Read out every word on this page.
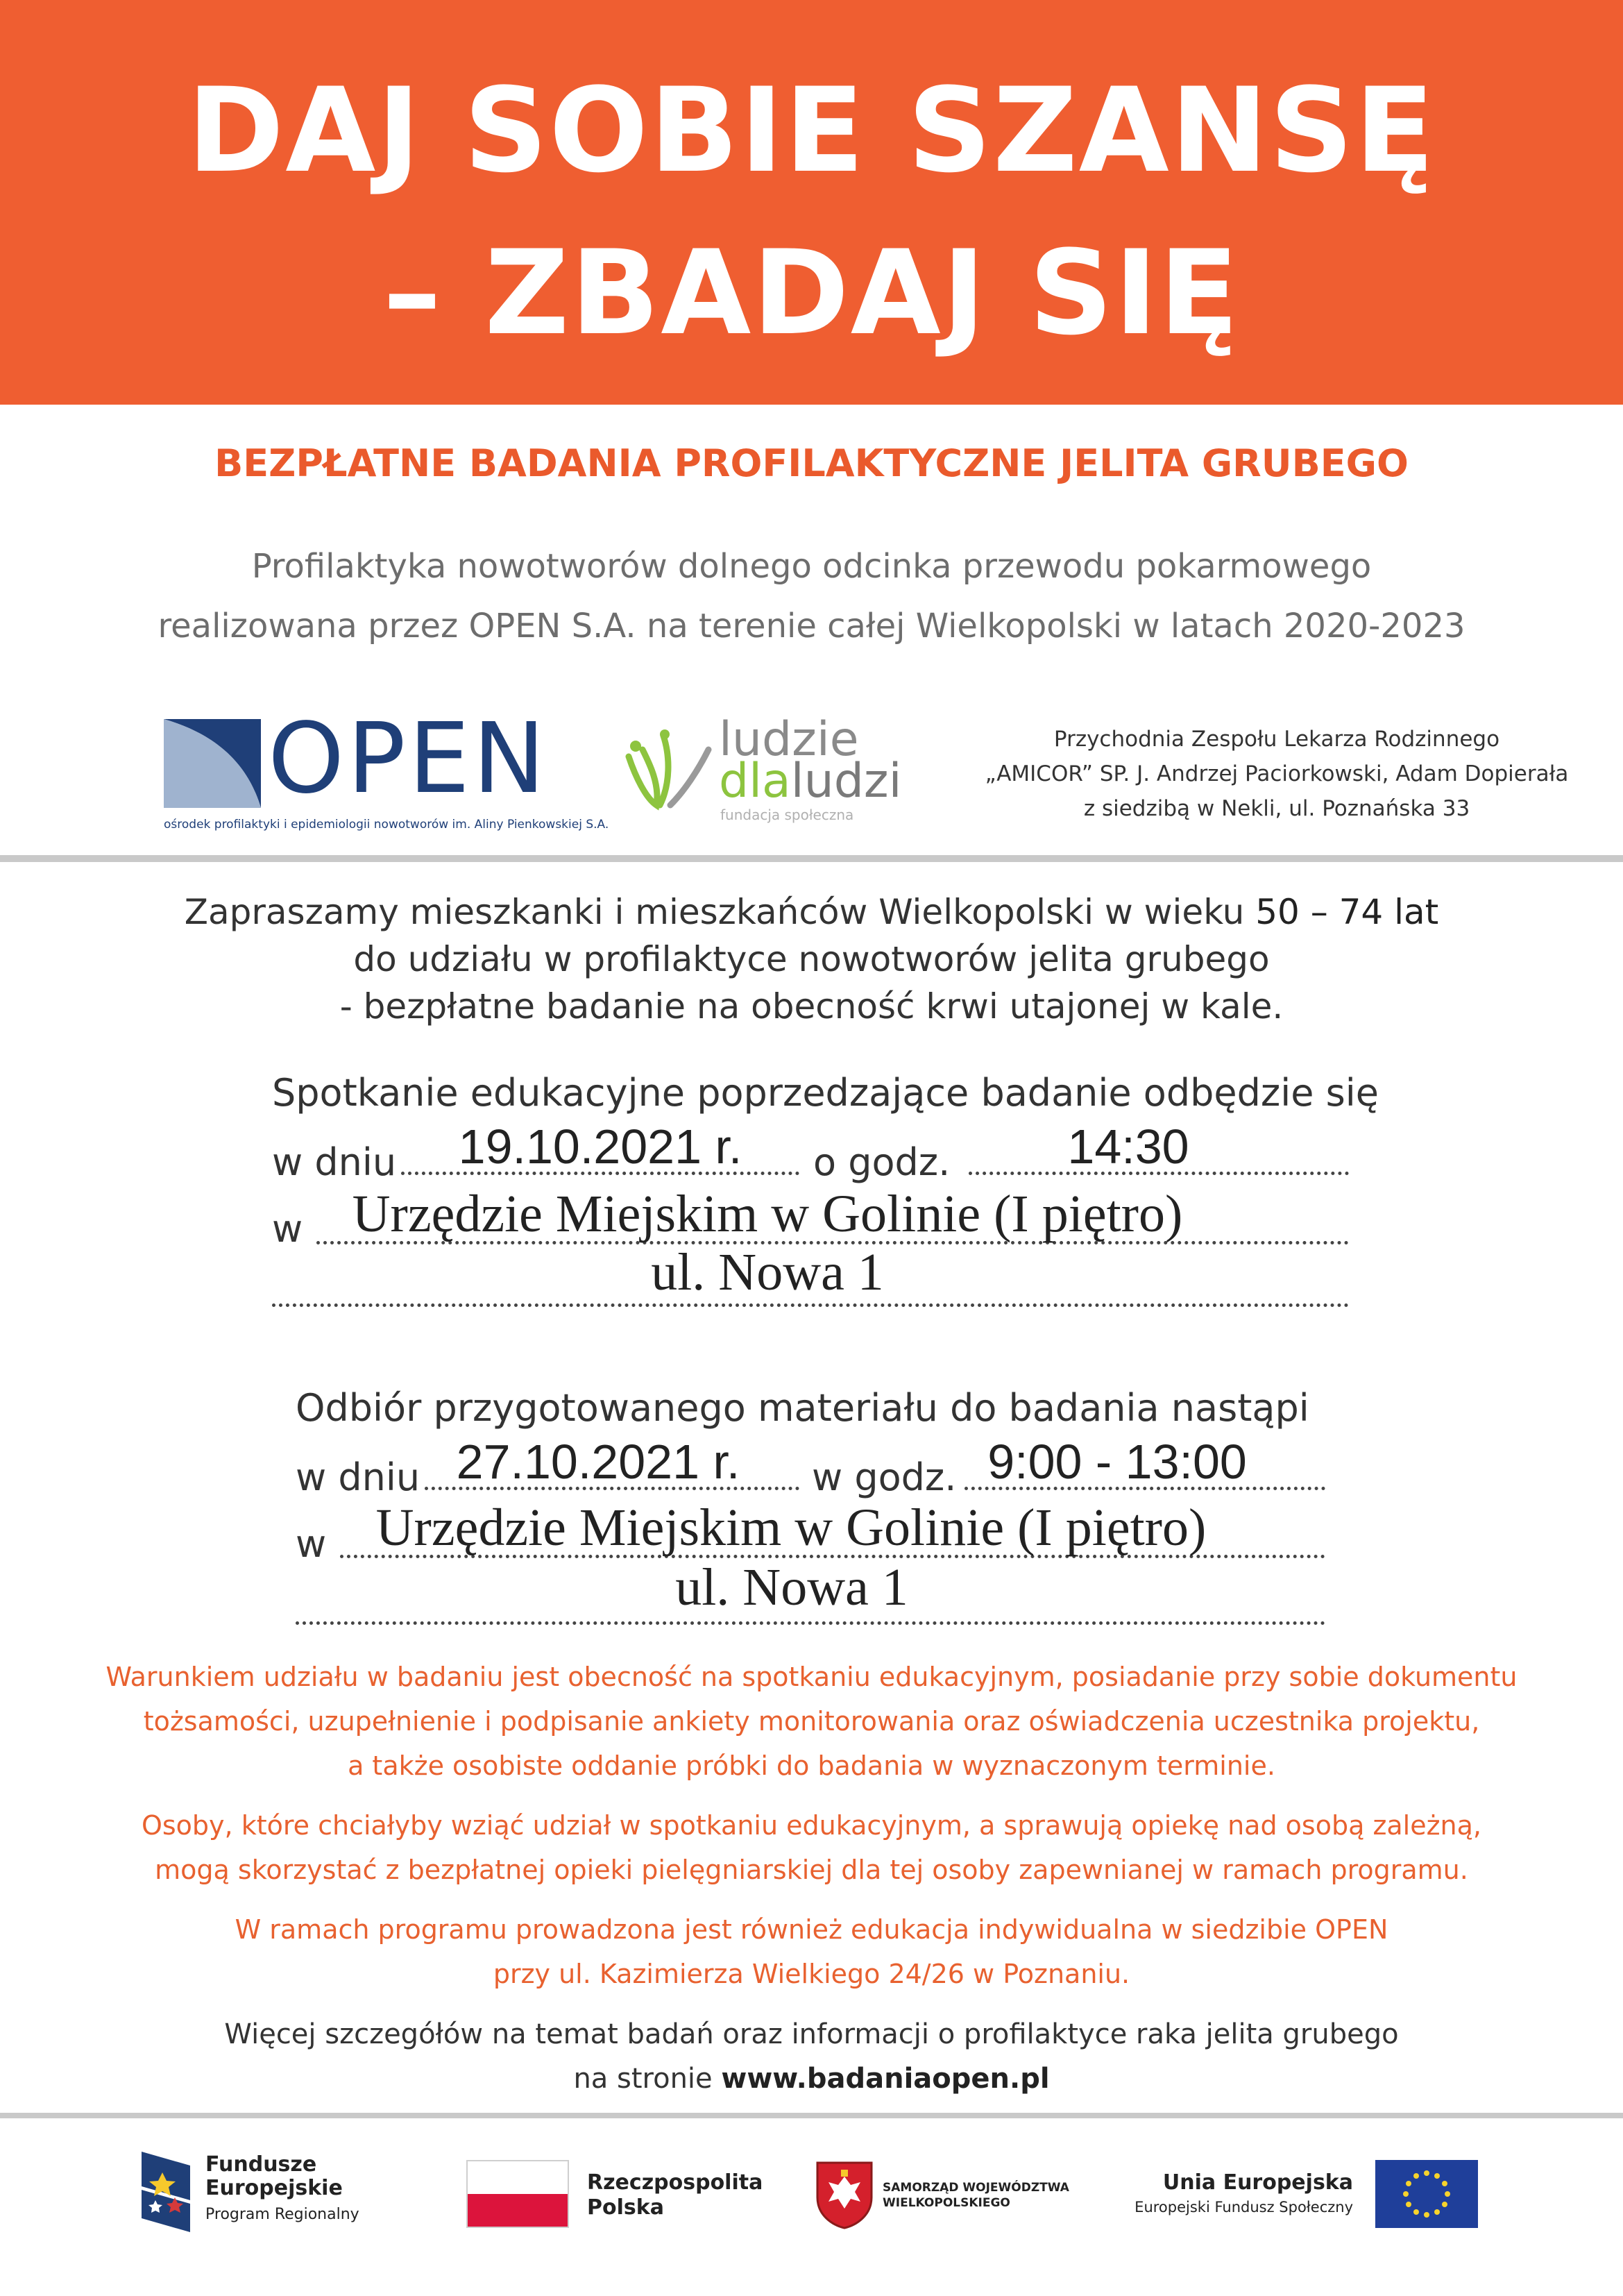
DAJ SOBIE SZANSĘ
– ZBADAJ SIĘ
BEZPŁATNE BADANIA PROFILAKTYCZNE JELITA GRUBEGO
Profilaktyka nowotworów dolnego odcinka przewodu pokarmowego
realizowana przez OPEN S.A. na terenie całej Wielkopolski w latach 2020-2023
OPEN
ośrodek profilaktyki i epidemiologii nowotworów im. Aliny Pienkowskiej S.A.
ludzie
dlaludzi
fundacja społeczna
Przychodnia Zespołu Lekarza Rodzinnego
„AMICOR” SP. J. Andrzej Paciorkowski, Adam Dopierała
z siedzibą w Nekli, ul. Poznańska 33
Zapraszamy mieszkanki i mieszkańców Wielkopolski w wieku 50 – 74 lat
do udziału w profilaktyce nowotworów jelita grubego
- bezpłatne badanie na obecność krwi utajonej w kale.
Spotkanie edukacyjne poprzedzające badanie odbędzie się
w dniu	19.10.2021 r.	o godz.	14:30
w Urzędzie Miejskim w Golinie (I piętro)
ul. Nowa 1
Odbiór przygotowanego materiału do badania nastąpi
w dniu 27.10.2021 r.	w godz. 9:00 - 13:00
w Urzędzie Miejskim w Golinie (I piętro)
ul. Nowa 1
Warunkiem udziału w badaniu jest obecność na spotkaniu edukacyjnym, posiadanie przy sobie dokumentu
tożsamości, uzupełnienie i podpisanie ankiety monitorowania oraz oświadczenia uczestnika projektu,
a także osobiste oddanie próbki do badania w wyznaczonym terminie.
Osoby, które chciałyby wziąć udział w spotkaniu edukacyjnym, a sprawują opiekę nad osobą zależną,
mogą skorzystać z bezpłatnej opieki pielęgniarskiej dla tej osoby zapewnianej w ramach programu.
W ramach programu prowadzona jest również edukacja indywidualna w siedzibie OPEN
przy ul. Kazimierza Wielkiego 24/26 w Poznaniu.
Więcej szczegółów na temat badań oraz informacji o profilaktyce raka jelita grubego
na stronie www.badaniaopen.pl
Fundusze
Europejskie
Program Regionalny
Rzeczpospolita
Polska
SAMORZĄD WOJEWÓDZTWA
WIELKOPOLSKIEGO
Unia Europejska
Europejski Fundusz Społeczny
